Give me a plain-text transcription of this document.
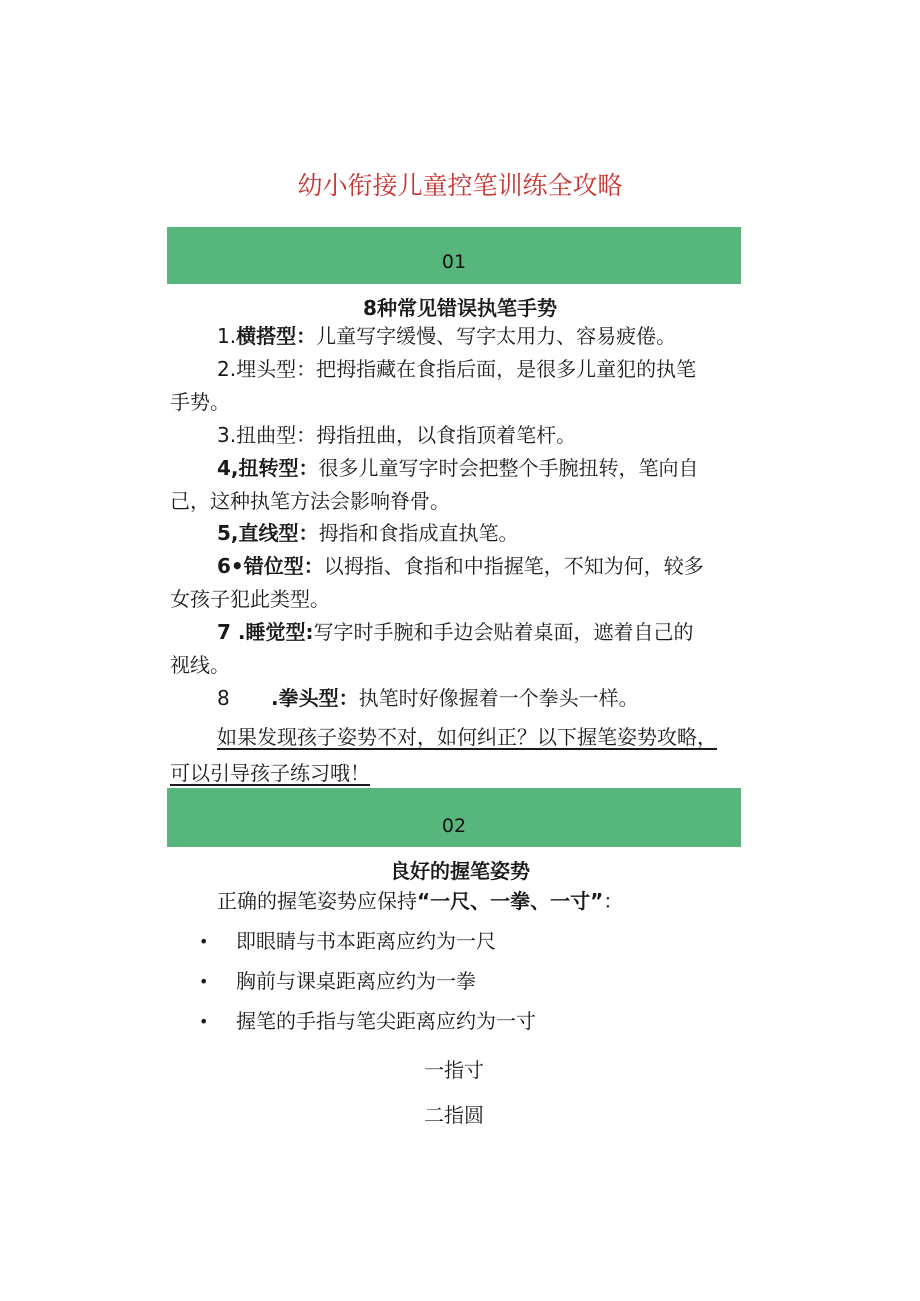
幼小衔接儿童控笔训练全攻略
01
8种常见错误执笔手势
1.横搭型：儿童写字缓慢、写字太用力、容易疲倦。
2.埋头型：把拇指藏在食指后面，是很多儿童犯的执笔
手势。
3.扭曲型：拇指扭曲，以食指顶着笔杆。
4,扭转型：很多儿童写字时会把整个手腕扭转，笔向自
己，这种执笔方法会影响脊骨。
5,直线型：拇指和食指成直执笔。
6•错位型：以拇指、食指和中指握笔，不知为何，较多
女孩子犯此类型。
7 .睡觉型:写字时手腕和手边会贴着桌面，遮着自己的
视线。
8 .拳头型：执笔时好像握着一个拳头一样。
如果发现孩子姿势不对，如何纠正？以下握笔姿势攻略，
可以引导孩子练习哦！
02
良好的握笔姿势
正确的握笔姿势应保持“一尺、一拳、一寸”：
• 即眼睛与书本距离应约为一尺
• 胸前与课桌距离应约为一拳
• 握笔的手指与笔尖距离应约为一寸
一指寸
二指圆
